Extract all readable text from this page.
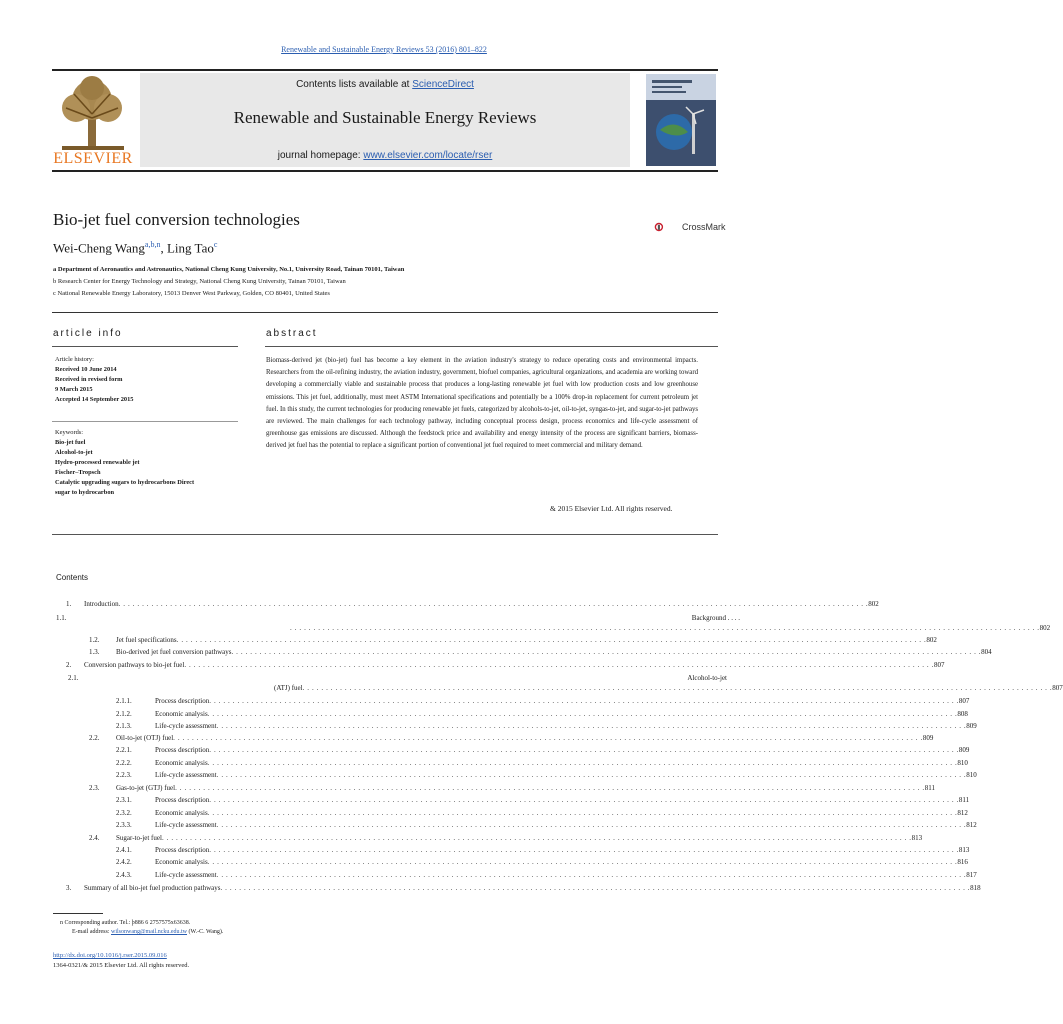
Renewable and Sustainable Energy Reviews 53 (2016) 801–822
ELSEVIER
Contents lists available at ScienceDirect
Renewable and Sustainable Energy Reviews
journal homepage: www.elsevier.com/locate/rser
Bio-jet fuel conversion technologies	CrossMark
Wei-Cheng Wang$^{a,b,n}$, Ling Tao$^c$
a Department of Aeronautics and Astronautics, National Cheng Kung University, No.1, University Road, Tainan 70101, Taiwan
b Research Center for Energy Technology and Strategy, National Cheng Kung University, Tainan 70101, Taiwan
c National Renewable Energy Laboratory, 15013 Denver West Parkway, Golden, CO 80401, United States
article info	abstract
Article history:
Received 10 June 2014
Received in revised form
9 March 2015
Accepted 14 September 2015
Keywords:
Bio-jet fuel
Alcohol-to-jet
Hydro-processed renewable jet
Fischer–Tropsch
Catalytic upgrading sugars to hydrocarbons Direct
sugar to hydrocarbon
Biomass-derived jet (bio-jet) fuel has become a key element in the aviation industry's strategy to reduce operating costs and environmental impacts. Researchers from the oil-refining industry, the aviation industry, government, biofuel companies, agricultural organizations, and academia are working toward developing a commercially viable and sustainable process that produces a long-lasting renewable jet fuel with low production costs and low greenhouse emissions. This jet fuel, additionally, must meet ASTM International specifications and potentially be a 100% drop-in replacement for current petroleum jet fuel. In this study, the current technologies for producing renewable jet fuels, categorized by alcohols-to-jet, oil-to-jet, syngas-to-jet, and sugar-to-jet pathways are reviewed. The main challenges for each technology pathway, including conceptual process design, process economics and life-cycle assessment of greenhouse gas emissions are discussed. Although the feedstock price and availability and energy intensity of the process are significant barriers, biomass-derived jet fuel has the potential to replace a significant portion of conventional jet fuel required to meet commercial and military demand.
& 2015 Elsevier Ltd. All rights reserved.
Contents
1. Introduction . . . . . . . . . . . . . . . . . . . . . . . . . . . . . . . . . . . . . . . . . . . . . . . . . . . . . . . . . . . . . . . . . . . . . . . . . . . . . . . . . . . . . . . . . . . . . . . . . . . . . . . . . . . . . . . . . . . . . . . . . . . . . . . . . . . . . . . . . . . . . . . . . . . . . . . . . . . . . . . . 802
1.1.	Background . . . .
. . . . . . . . . . . . . . . . . . . . . . . . . . . . . . . . . . . . . . . . . . . . . . . . . . . . . . . . . . . . . . . . . . . . . . . . . . . . . . . . . . . . . . . . . . . . . . . . . . . . . . . . . . . . . . . . . . . . . . . . . . . . . . . . . . . . . . . . . . . . . . . . . . . . . . . . . . . . . . . . 802
1.2. Jet fuel specifications . . . . . . . . . . . . . . . . . . . . . . . . . . . . . . . . . . . . . . . . . . . . . . . . . . . . . . . . . . . . . . . . . . . . . . . . . . . . . . . . . . . . . . . . . . . . . . . . . . . . . . . . . . . . . . . . . . . . . . . . . . . . . . . . . . . . . . . . . . . . . . . . . . . . . . . . . . . . . . . . 802
1.3. Bio-derived jet fuel conversion pathways . . . . . . . . . . . . . . . . . . . . . . . . . . . . . . . . . . . . . . . . . . . . . . . . . . . . . . . . . . . . . . . . . . . . . . . . . . . . . . . . . . . . . . . . . . . . . . . . . . . . . . . . . . . . . . . . . . . . . . . . . . . . . . . . . . . . . . . . . . . . . . . . . . . . . . . . . . . . . . . . 804
2. Conversion pathways to bio-jet fuel . . . . . . . . . . . . . . . . . . . . . . . . . . . . . . . . . . . . . . . . . . . . . . . . . . . . . . . . . . . . . . . . . . . . . . . . . . . . . . . . . . . . . . . . . . . . . . . . . . . . . . . . . . . . . . . . . . . . . . . . . . . . . . . . . . . . . . . . . . . . . . . . . . . . . . . . . . . . . . . . 807
2.1.	Alcohol-to-jet
(ATJ) fuel . . . . . . . . . . . . . . . . . . . . . . . . . . . . . . . . . . . . . . . . . . . . . . . . . . . . . . . . . . . . . . . . . . . . . . . . . . . . . . . . . . . . . . . . . . . . . . . . . . . . . . . . . . . . . . . . . . . . . . . . . . . . . . . . . . . . . . . . . . . . . . . . . . . . . . . . . . . . . . . . 807
2.1.1.	Process description . . . . . . . . . . . . . . . . . . . . . . . . . . . . . . . . . . . . . . . . . . . . . . . . . . . . . . . . . . . . . . . . . . . . . . . . . . . . . . . . . . . . . . . . . . . . . . . . . . . . . . . . . . . . . . . . . . . . . . . . . . . . . . . . . . . . . . . . . . . . . . . . . . . . . . . . . . . . . . . . 807
2.1.2.	Economic analysis . . . . . . . . . . . . . . . . . . . . . . . . . . . . . . . . . . . . . . . . . . . . . . . . . . . . . . . . . . . . . . . . . . . . . . . . . . . . . . . . . . . . . . . . . . . . . . . . . . . . . . . . . . . . . . . . . . . . . . . . . . . . . . . . . . . . . . . . . . . . . . . . . . . . . . . . . . . . . . . . 808
2.1.3.	Life-cycle assessment . . . . . . . . . . . . . . . . . . . . . . . . . . . . . . . . . . . . . . . . . . . . . . . . . . . . . . . . . . . . . . . . . . . . . . . . . . . . . . . . . . . . . . . . . . . . . . . . . . . . . . . . . . . . . . . . . . . . . . . . . . . . . . . . . . . . . . . . . . . . . . . . . . . . . . . . . . . . . . . . 809
2.2. Oil-to-jet (OTJ) fuel . . . . . . . . . . . . . . . . . . . . . . . . . . . . . . . . . . . . . . . . . . . . . . . . . . . . . . . . . . . . . . . . . . . . . . . . . . . . . . . . . . . . . . . . . . . . . . . . . . . . . . . . . . . . . . . . . . . . . . . . . . . . . . . . . . . . . . . . . . . . . . . . . . . . . . . . . . . . . . . . 809
2.2.1.	Process description . . . . . . . . . . . . . . . . . . . . . . . . . . . . . . . . . . . . . . . . . . . . . . . . . . . . . . . . . . . . . . . . . . . . . . . . . . . . . . . . . . . . . . . . . . . . . . . . . . . . . . . . . . . . . . . . . . . . . . . . . . . . . . . . . . . . . . . . . . . . . . . . . . . . . . . . . . . . . . . . 809
2.2.2.	Economic analysis . . . . . . . . . . . . . . . . . . . . . . . . . . . . . . . . . . . . . . . . . . . . . . . . . . . . . . . . . . . . . . . . . . . . . . . . . . . . . . . . . . . . . . . . . . . . . . . . . . . . . . . . . . . . . . . . . . . . . . . . . . . . . . . . . . . . . . . . . . . . . . . . . . . . . . . . . . . . . . . . 810
2.2.3.	Life-cycle assessment . . . . . . . . . . . . . . . . . . . . . . . . . . . . . . . . . . . . . . . . . . . . . . . . . . . . . . . . . . . . . . . . . . . . . . . . . . . . . . . . . . . . . . . . . . . . . . . . . . . . . . . . . . . . . . . . . . . . . . . . . . . . . . . . . . . . . . . . . . . . . . . . . . . . . . . . . . . . . . . . 810
2.3. Gas-to-jet (GTJ) fuel . . . . . . . . . . . . . . . . . . . . . . . . . . . . . . . . . . . . . . . . . . . . . . . . . . . . . . . . . . . . . . . . . . . . . . . . . . . . . . . . . . . . . . . . . . . . . . . . . . . . . . . . . . . . . . . . . . . . . . . . . . . . . . . . . . . . . . . . . . . . . . . . . . . . . . . . . . . . . . . . 811
2.3.1.	Process description . . . . . . . . . . . . . . . . . . . . . . . . . . . . . . . . . . . . . . . . . . . . . . . . . . . . . . . . . . . . . . . . . . . . . . . . . . . . . . . . . . . . . . . . . . . . . . . . . . . . . . . . . . . . . . . . . . . . . . . . . . . . . . . . . . . . . . . . . . . . . . . . . . . . . . . . . . . . . . . . 811
2.3.2.	Economic analysis . . . . . . . . . . . . . . . . . . . . . . . . . . . . . . . . . . . . . . . . . . . . . . . . . . . . . . . . . . . . . . . . . . . . . . . . . . . . . . . . . . . . . . . . . . . . . . . . . . . . . . . . . . . . . . . . . . . . . . . . . . . . . . . . . . . . . . . . . . . . . . . . . . . . . . . . . . . . . . . . 812
2.3.3.	Life-cycle assessment . . . . . . . . . . . . . . . . . . . . . . . . . . . . . . . . . . . . . . . . . . . . . . . . . . . . . . . . . . . . . . . . . . . . . . . . . . . . . . . . . . . . . . . . . . . . . . . . . . . . . . . . . . . . . . . . . . . . . . . . . . . . . . . . . . . . . . . . . . . . . . . . . . . . . . . . . . . . . . . . 812
2.4. Sugar-to-jet fuel . . . . . . . . . . . . . . . . . . . . . . . . . . . . . . . . . . . . . . . . . . . . . . . . . . . . . . . . . . . . . . . . . . . . . . . . . . . . . . . . . . . . . . . . . . . . . . . . . . . . . . . . . . . . . . . . . . . . . . . . . . . . . . . . . . . . . . . . . . . . . . . . . . . . . . . . . . . . . . . . 813
2.4.1.	Process description . . . . . . . . . . . . . . . . . . . . . . . . . . . . . . . . . . . . . . . . . . . . . . . . . . . . . . . . . . . . . . . . . . . . . . . . . . . . . . . . . . . . . . . . . . . . . . . . . . . . . . . . . . . . . . . . . . . . . . . . . . . . . . . . . . . . . . . . . . . . . . . . . . . . . . . . . . . . . . . . 813
2.4.2.	Economic analysis . . . . . . . . . . . . . . . . . . . . . . . . . . . . . . . . . . . . . . . . . . . . . . . . . . . . . . . . . . . . . . . . . . . . . . . . . . . . . . . . . . . . . . . . . . . . . . . . . . . . . . . . . . . . . . . . . . . . . . . . . . . . . . . . . . . . . . . . . . . . . . . . . . . . . . . . . . . . . . . . 816
2.4.3.	Life-cycle assessment . . . . . . . . . . . . . . . . . . . . . . . . . . . . . . . . . . . . . . . . . . . . . . . . . . . . . . . . . . . . . . . . . . . . . . . . . . . . . . . . . . . . . . . . . . . . . . . . . . . . . . . . . . . . . . . . . . . . . . . . . . . . . . . . . . . . . . . . . . . . . . . . . . . . . . . . . . . . . . . . 817
3. Summary of all bio-jet fuel production pathways . . . . . . . . . . . . . . . . . . . . . . . . . . . . . . . . . . . . . . . . . . . . . . . . . . . . . . . . . . . . . . . . . . . . . . . . . . . . . . . . . . . . . . . . . . . . . . . . . . . . . . . . . . . . . . . . . . . . . . . . . . . . . . . . . . . . . . . . . . . . . . . . . . . . . . . . . . . . . . . . 818
n Corresponding author. Tel.: þ886 6 2757575x63638.
E-mail address: wilsonwang@mail.ncku.edu.tw (W.-C. Wang).
http://dx.doi.org/10.1016/j.rser.2015.09.016
1364-0321/& 2015 Elsevier Ltd. All rights reserved.
